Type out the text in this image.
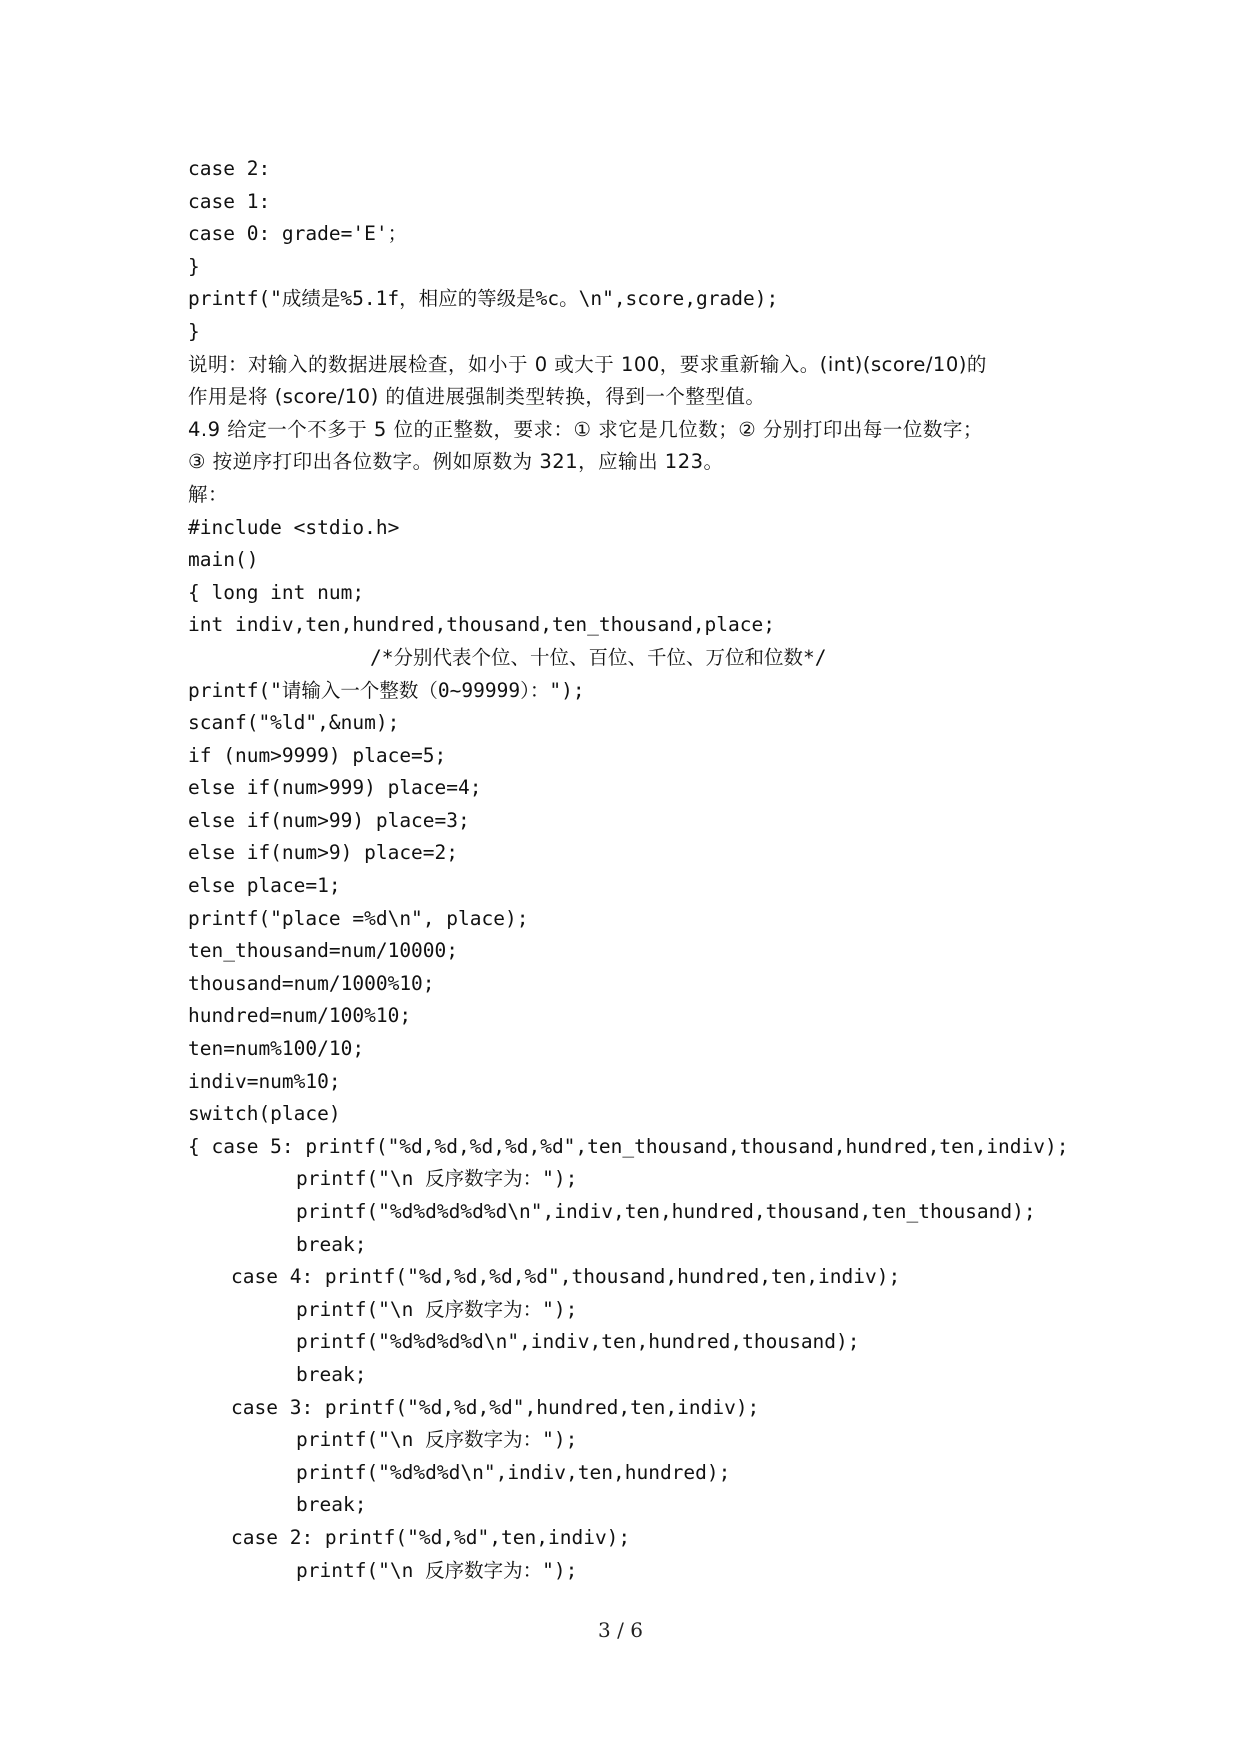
case 2:
case 1:
case 0: grade='E'；
}
printf("成绩是%5.1f，相应的等级是%c。\n",score,grade);
}
说明：对输入的数据进展检查，如小于 0 或大于 100，要求重新输入。(int)(score/10)的
作用是将 (score/10) 的值进展强制类型转换，得到一个整型值。
4.9 给定一个不多于 5 位的正整数，要求：① 求它是几位数；② 分别打印出每一位数字；
③ 按逆序打印出各位数字。例如原数为 321，应输出 123。
解：
#include <stdio.h>
main()
{ long int num;
int indiv,ten,hundred,thousand,ten_thousand,place;
/*分别代表个位、十位、百位、千位、万位和位数*/
printf("请输入一个整数（0~99999）：");
scanf("%ld",&num);
if (num>9999) place=5;
else if(num>999) place=4;
else if(num>99) place=3;
else if(num>9) place=2;
else place=1;
printf("place =%d\n", place);
ten_thousand=num/10000;
thousand=num/1000%10;
hundred=num/100%10;
ten=num%100/10;
indiv=num%10;
switch(place)
{ case 5: printf("%d,%d,%d,%d,%d",ten_thousand,thousand,hundred,ten,indiv);
printf("\n 反序数字为：");
printf("%d%d%d%d%d\n",indiv,ten,hundred,thousand,ten_thousand);
break;
case 4: printf("%d,%d,%d,%d",thousand,hundred,ten,indiv);
printf("\n 反序数字为：");
printf("%d%d%d%d\n",indiv,ten,hundred,thousand);
break;
case 3: printf("%d,%d,%d",hundred,ten,indiv);
printf("\n 反序数字为：");
printf("%d%d%d\n",indiv,ten,hundred);
break;
case 2: printf("%d,%d",ten,indiv);
printf("\n 反序数字为：");
3 / 6
